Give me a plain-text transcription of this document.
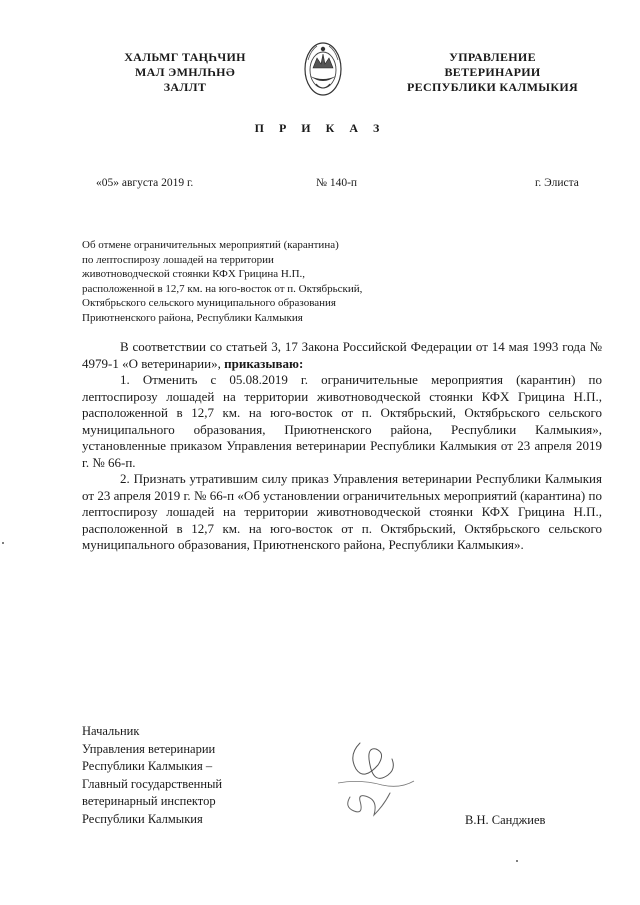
ХАЛЬМГ ТАҢҺЧИН
МАЛ ЭМНЛҺНӘ
ЗАЛЛТ
УПРАВЛЕНИЕ
ВЕТЕРИНАРИИ
РЕСПУБЛИКИ КАЛМЫКИЯ
П Р И К А З
«05» августа 2019 г.	№ 140-п	г. Элиста
Об отмене ограничительных мероприятий (карантина)
по лептоспирозу лошадей на территории
животноводческой стоянки КФХ Грицина Н.П.,
расположенной в 12,7 км. на юго-восток от п. Октябрьский,
Октябрьского сельского муниципального образования
Приютненского района, Республики Калмыкия

В соответствии со статьей 3, 17 Закона Российской Федерации от 14 мая 1993 года № 4979-1 «О ветеринарии», приказываю:

1. Отменить с 05.08.2019 г. ограничительные мероприятия (карантин) по лептоспирозу лошадей на территории животноводческой стоянки КФХ Грицина Н.П., расположенной в 12,7 км. на юго-восток от п. Октябрьский, Октябрьского сельского муниципального образования, Приютненского района, Республики Калмыкия», установленные приказом Управления ветеринарии Республики Калмыкия от 23 апреля 2019 г. № 66-п.

2. Признать утратившим силу приказ Управления ветеринарии Республики Калмыкия от 23 апреля 2019 г. № 66-п «Об установлении ограничительных мероприятий (карантина) по лептоспирозу лошадей на территории животноводческой стоянки КФХ Грицина Н.П., расположенной в 12,7 км. на юго-восток от п. Октябрьский, Октябрьского сельского муниципального образования, Приютненского района, Республики Калмыкия».

Начальник
Управления ветеринарии
Республики Калмыкия –
Главный государственный
ветеринарный инспектор
Республики Калмыкия	В.Н. Санджиев
